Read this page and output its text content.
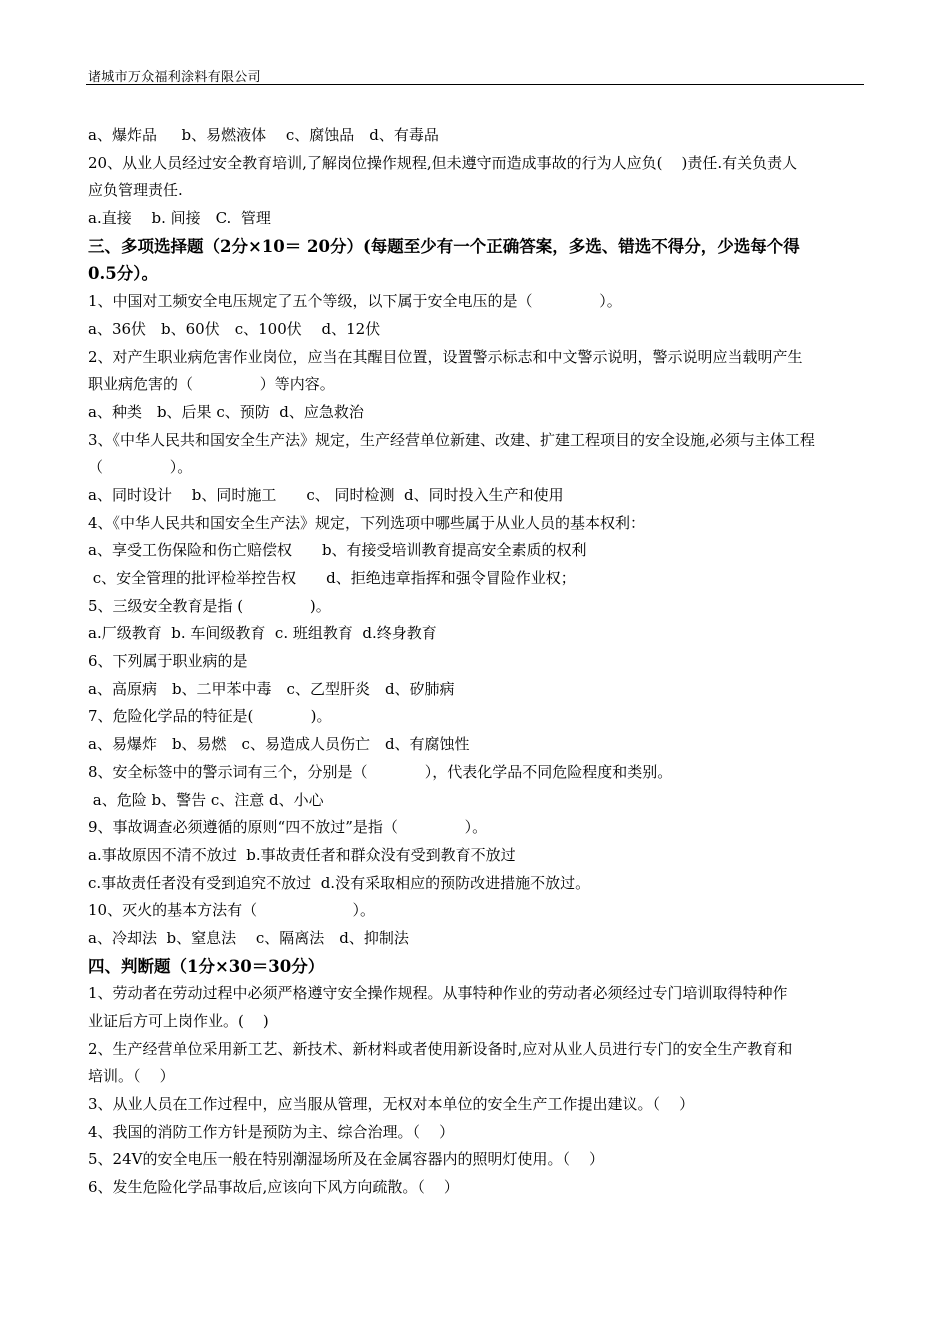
诸城市万众福利涂料有限公司
a、爆炸品　  b、易燃液体　 c、腐蚀品　d、有毒品
20、从业人员经过安全教育培训,了解岗位操作规程,但未遵守而造成事故的行为人应负(    )责任.有关负责人
应负管理责任.
a.直接　 b. 间接　C.  管理
三、多项选择题（2分×10＝ 20分）(每题至少有一个正确答案，多选、错选不得分，少选每个得
0.5分）。
1、中国对工频安全电压规定了五个等级，以下属于安全电压的是（              ）。
a、36伏　b、60伏　c、100伏　 d、12伏
2、对产生职业病危害作业岗位，应当在其醒目位置，设置警示标志和中文警示说明，警示说明应当载明产生
职业病危害的（              ）等内容。
a、种类　b、后果 c、预防  d、应急救治
3、《中华人民共和国安全生产法》规定，生产经营单位新建、改建、扩建工程项目的安全设施,必须与主体工程
（              ）。
a、同时设计　 b、同时施工　　c、 同时检测  d、同时投入生产和使用
4、《中华人民共和国安全生产法》规定，下列选项中哪些属于从业人员的基本权利：
a、享受工伤保险和伤亡赔偿权　　b、有接受培训教育提高安全素质的权利
c、安全管理的批评检举控告权　　d、拒绝违章指挥和强令冒险作业权；
5、三级安全教育是指 (              )。
a.厂级教育  b. 车间级教育  c. 班组教育  d.终身教育
6、下列属于职业病的是
a、高原病　b、二甲苯中毒　c、乙型肝炎　d、矽肺病
7、危险化学品的特征是(            )。
a、易爆炸　b、易燃　c、易造成人员伤亡　d、有腐蚀性
8、安全标签中的警示词有三个，分别是（            ），代表化学品不同危险程度和类别。
a、危险 b、警告 c、注意 d、小心
9、事故调查必须遵循的原则“四不放过”是指（              ）。
a.事故原因不清不放过  b.事故责任者和群众没有受到教育不放过
c.事故责任者没有受到追究不放过  d.没有采取相应的预防改进措施不放过。
10、灭火的基本方法有（                    ）。
a、冷却法  b、窒息法　 c、隔离法　d、抑制法
四、判断题（1分×30＝30分）
1、劳动者在劳动过程中必须严格遵守安全操作规程。从事特种作业的劳动者必须经过专门培训取得特种作
业证后方可上岗作业。(    )
2、生产经营单位采用新工艺、新技术、新材料或者使用新设备时,应对从业人员进行专门的安全生产教育和
培训。（    ）
3、从业人员在工作过程中，应当服从管理，无权对本单位的安全生产工作提出建议。（    ）
4、我国的消防工作方针是预防为主、综合治理。（    ）
5、24V的安全电压一般在特别潮湿场所及在金属容器内的照明灯使用。（    ）
6、发生危险化学品事故后,应该向下风方向疏散。（    ）
